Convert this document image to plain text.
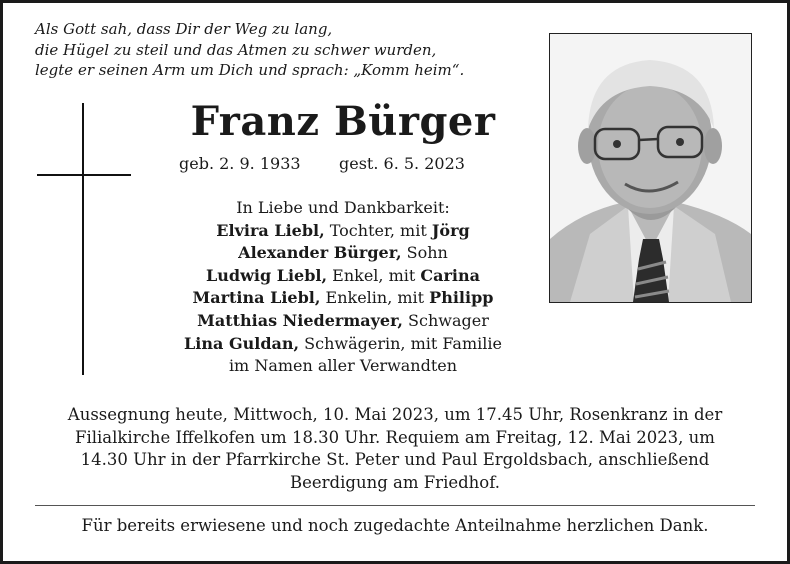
Als Gott sah, dass Dir der Weg zu lang,
die Hügel zu steil und das Atmen zu schwer wurden,
legte er seinen Arm um Dich und sprach: „Komm heim“.
Franz Bürger
geb. 2. 9. 1933 gest. 6. 5. 2023
In Liebe und Dankbarkeit:
Elvira Liebl, Tochter, mit Jörg
Alexander Bürger, Sohn
Ludwig Liebl, Enkel, mit Carina
Martina Liebl, Enkelin, mit Philipp
Matthias Niedermayer, Schwager
Lina Guldan, Schwägerin, mit Familie
im Namen aller Verwandten
Aussegnung heute, Mittwoch, 10. Mai 2023, um 17.45 Uhr, Rosenkranz in der
Filialkirche Iffelkofen um 18.30 Uhr. Requiem am Freitag, 12. Mai 2023, um
14.30 Uhr in der Pfarrkirche St. Peter und Paul Ergoldsbach, anschließend
Beerdigung am Friedhof.
Für bereits erwiesene und noch zugedachte Anteilnahme herzlichen Dank.
